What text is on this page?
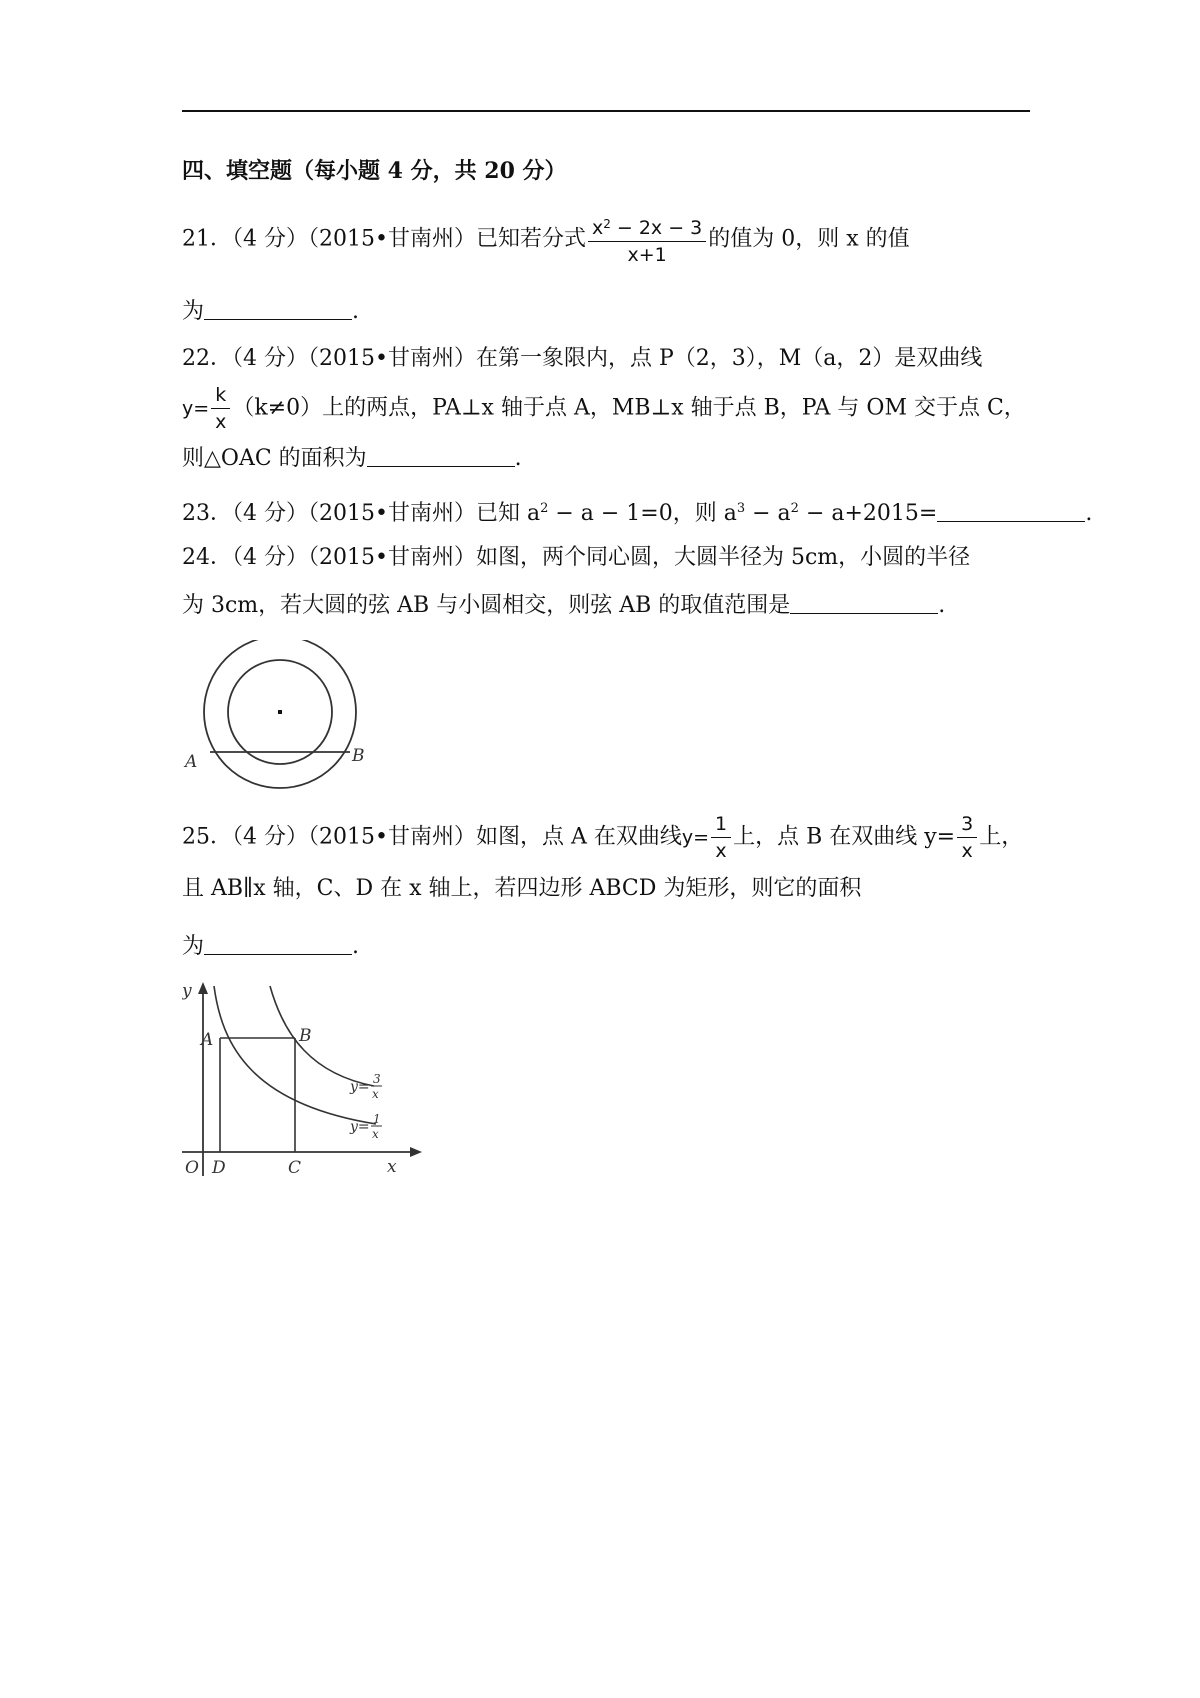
四、填空题（每小题 4 分，共 20 分）
21．（4 分）（2015•甘南州）已知若分式 $\frac{x^2 - 2x - 3}{x+1}$ 的值为 0，则 x 的值
为	.
22．（4 分）（2015•甘南州）在第一象限内，点 P（2，3），M（a，2）是双曲线
$y= \frac{k}{x} (k\ne 0)$上的两点，PA⊥x 轴于点 A，MB⊥x 轴于点 B，PA 与 OM 交于点 C，
则△OAC 的面积为	.
23．（4 分）（2015•甘南州）已知 $a^2 - a - 1=0$，则 $a^3 - a^2 - a+2015=$	.
24．（4 分）（2015•甘南州）如图，两个同心圆，大圆半径为 5cm，小圆的半径
为 3cm，若大圆的弦 AB 与小圆相交，则弦 AB 的取值范围是	.
A	B
25．（4 分）（2015•甘南州）如图，点 A 在双曲线$y= \frac{1}{x}$ 上，点 B 在双曲线 $y= \frac{3}{x}$ 上，
且 AB∥x 轴，C、D 在 x 轴上，若四边形 ABCD 为矩形，则它的面积
为	.
y
x
O
A	B
D	C
y= 3
x
y= 1
x
